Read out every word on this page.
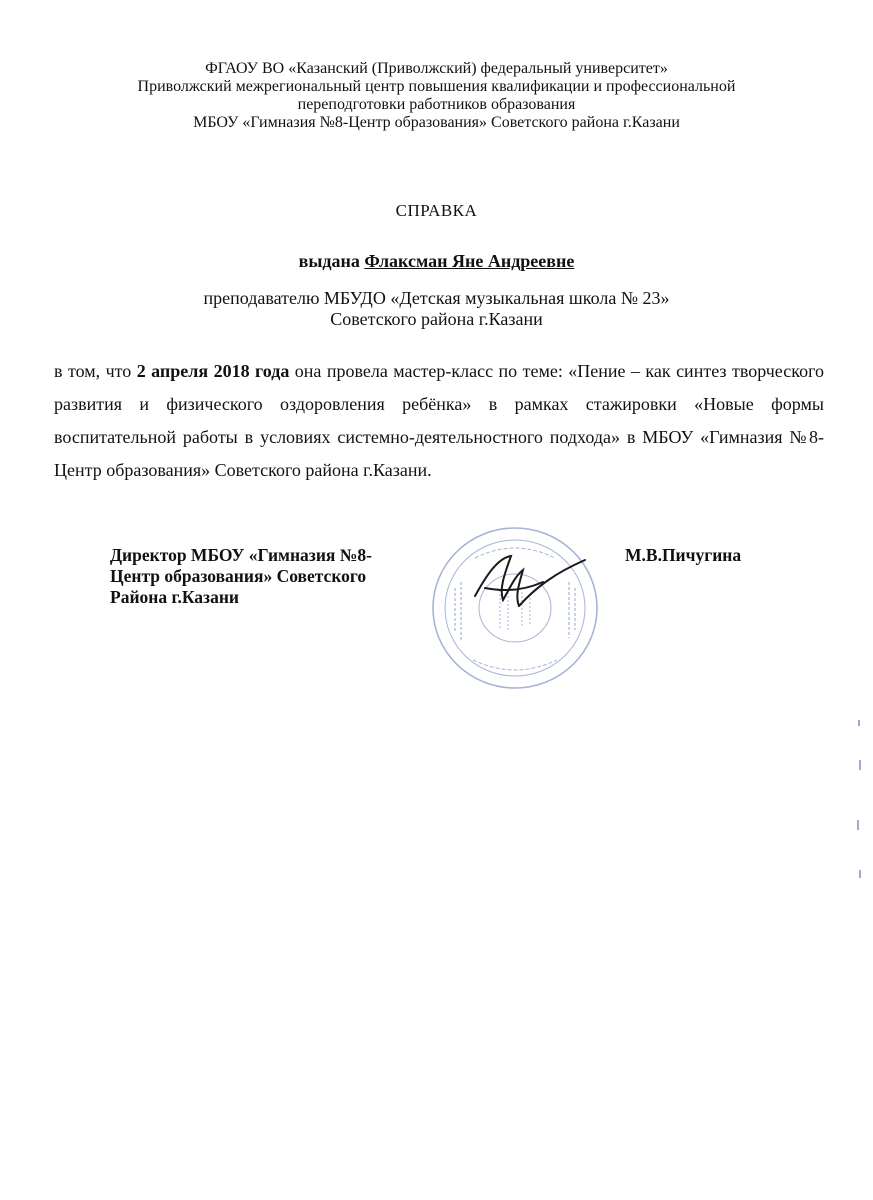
ФГАОУ ВО «Казанский (Приволжский) федеральный университет»
Приволжский межрегиональный центр повышения квалификации и профессиональной
переподготовки работников образования
МБОУ «Гимназия №8-Центр образования» Советского района г.Казани
СПРАВКА
выдана Флаксман Яне Андреевне
преподавателю МБУДО «Детская музыкальная школа № 23»
Советского района г.Казани
в том, что 2 апреля 2018 года она провела мастер-класс по теме: «Пение – как синтез творческого развития и физического оздоровления ребёнка» в рамках стажировки «Новые формы воспитательной работы в условиях системно-деятельностного подхода» в МБОУ «Гимназия №8-Центр образования» Советского района г.Казани.
Директор МБОУ «Гимназия №8-
Центр образования» Советского
Района г.Казани
М.В.Пичугина
